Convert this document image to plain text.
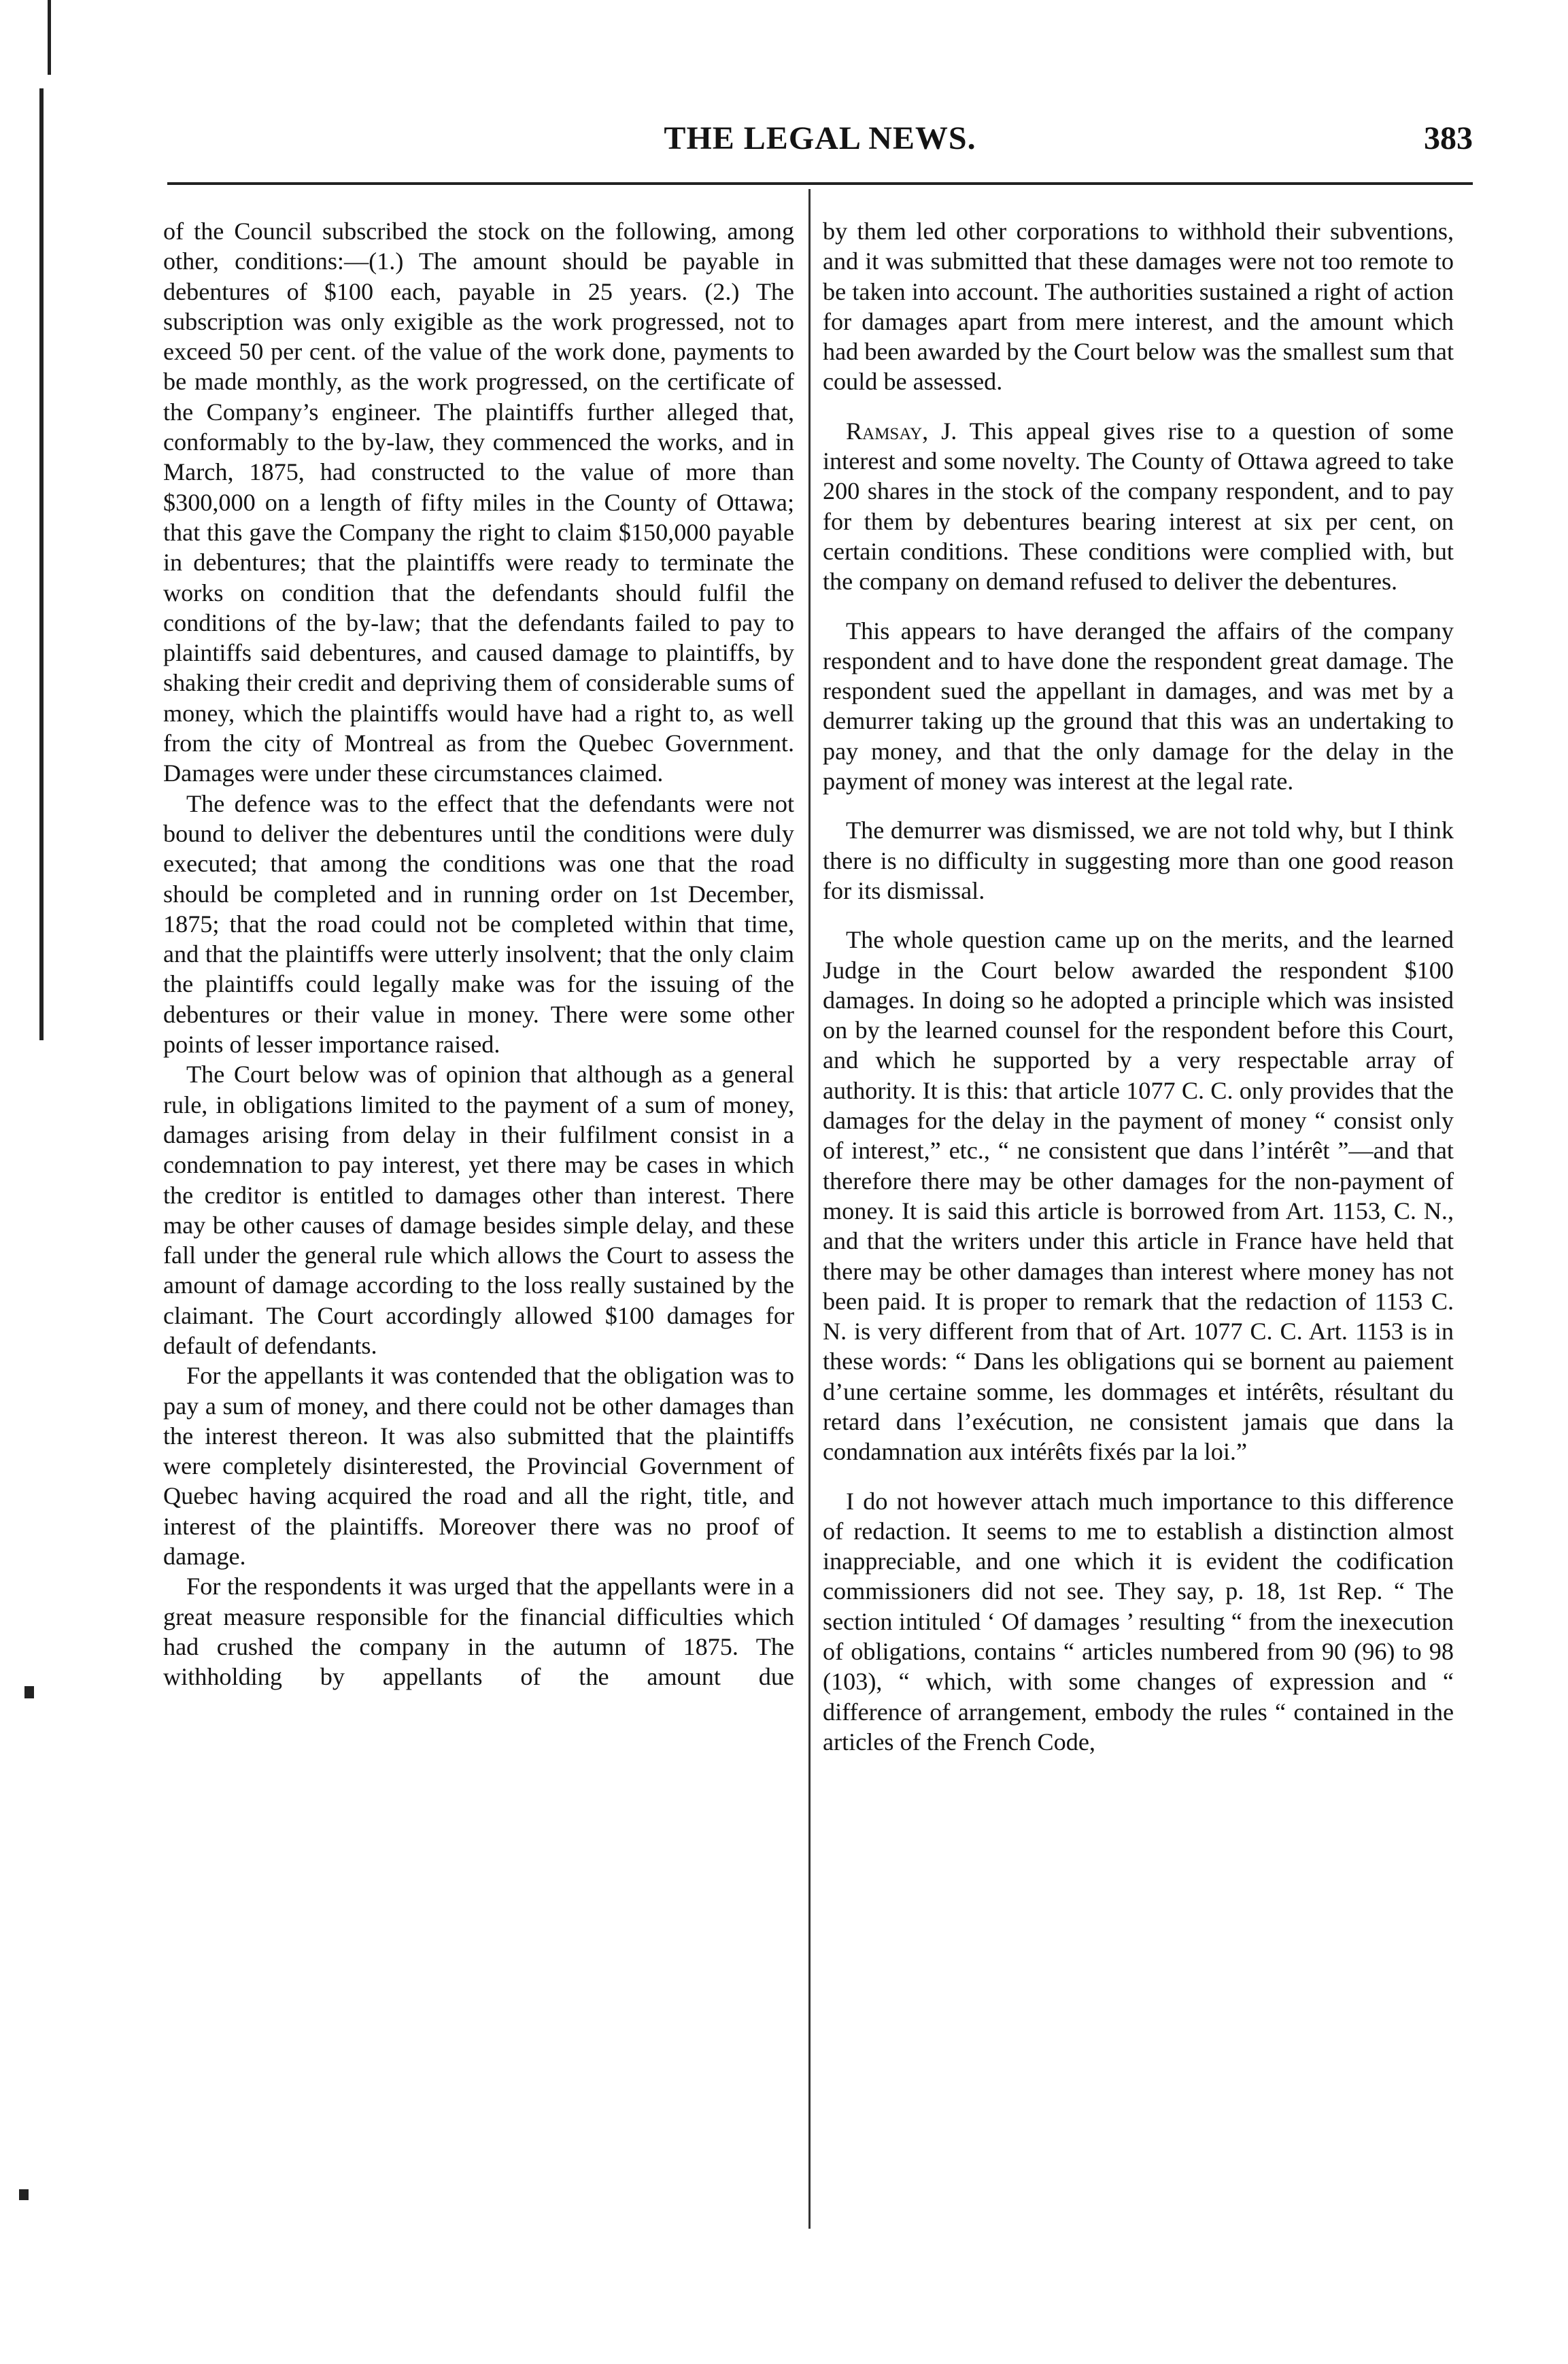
THE LEGAL NEWS.	383

of the Council subscribed the stock on the following, among other, conditions:—(1.) The amount should be payable in debentures of $100 each, payable in 25 years. (2.) The subscription was only exigible as the work progressed, not to exceed 50 per cent. of the value of the work done, payments to be made monthly, as the work progressed, on the certificate of the Company’s engineer. The plaintiffs further alleged that, conformably to the by-law, they commenced the works, and in March, 1875, had constructed to the value of more than $300,000 on a length of fifty miles in the County of Ottawa; that this gave the Company the right to claim $150,000 payable in debentures; that the plaintiffs were ready to terminate the works on condition that the defendants should fulfil the conditions of the by-law; that the defendants failed to pay to plaintiffs said debentures, and caused damage to plaintiffs, by shaking their credit and depriving them of considerable sums of money, which the plaintiffs would have had a right to, as well from the city of Montreal as from the Quebec Government. Damages were under these circumstances claimed.

The defence was to the effect that the defendants were not bound to deliver the debentures until the conditions were duly executed; that among the conditions was one that the road should be completed and in running order on 1st December, 1875; that the road could not be completed within that time, and that the plaintiffs were utterly insolvent; that the only claim the plaintiffs could legally make was for the issuing of the debentures or their value in money. There were some other points of lesser importance raised.

The Court below was of opinion that although as a general rule, in obligations limited to the payment of a sum of money, damages arising from delay in their fulfilment consist in a condemnation to pay interest, yet there may be cases in which the creditor is entitled to damages other than interest. There may be other causes of damage besides simple delay, and these fall under the general rule which allows the Court to assess the amount of damage according to the loss really sustained by the claimant. The Court accordingly allowed $100 damages for default of defendants.

For the appellants it was contended that the obligation was to pay a sum of money, and there could not be other damages than the interest thereon. It was also submitted that the plaintiffs were completely disinterested, the Provincial Government of Quebec having acquired the road and all the right, title, and interest of the plaintiffs. Moreover there was no proof of damage.

For the respondents it was urged that the appellants were in a great measure responsible for the financial difficulties which had crushed the company in the autumn of 1875. The withholding by appellants of the amount due

by them led other corporations to withhold their subventions, and it was submitted that these damages were not too remote to be taken into account. The authorities sustained a right of action for damages apart from mere interest, and the amount which had been awarded by the Court below was the smallest sum that could be assessed.

Ramsay, J. This appeal gives rise to a question of some interest and some novelty. The County of Ottawa agreed to take 200 shares in the stock of the company respondent, and to pay for them by debentures bearing interest at six per cent, on certain conditions. These conditions were complied with, but the company on demand refused to deliver the debentures.

This appears to have deranged the affairs of the company respondent and to have done the respondent great damage. The respondent sued the appellant in damages, and was met by a demurrer taking up the ground that this was an undertaking to pay money, and that the only damage for the delay in the payment of money was interest at the legal rate.

The demurrer was dismissed, we are not told why, but I think there is no difficulty in suggesting more than one good reason for its dismissal.

The whole question came up on the merits, and the learned Judge in the Court below awarded the respondent $100 damages. In doing so he adopted a principle which was insisted on by the learned counsel for the respondent before this Court, and which he supported by a very respectable array of authority. It is this: that article 1077 C. C. only provides that the damages for the delay in the payment of money “ consist only of interest,” etc., “ ne consistent que dans l’intérêt ”—and that therefore there may be other damages for the non-payment of money. It is said this article is borrowed from Art. 1153, C. N., and that the writers under this article in France have held that there may be other damages than interest where money has not been paid. It is proper to remark that the redaction of 1153 C. N. is very different from that of Art. 1077 C. C. Art. 1153 is in these words: “ Dans les obligations qui se bornent au paiement d’une certaine somme, les dommages et intérêts, résultant du retard dans l’exécution, ne consistent jamais que dans la condamnation aux intérêts fixés par la loi.”

I do not however attach much importance to this difference of redaction. It seems to me to establish a distinction almost inappreciable, and one which it is evident the codification commissioners did not see. They say, p. 18, 1st Rep. “ The section intituled ‘ Of damages ’ resulting “ from the inexecution of obligations, contains “ articles numbered from 90 (96) to 98 (103), “ which, with some changes of expression and “ difference of arrangement, embody the rules “ contained in the articles of the French Code,
